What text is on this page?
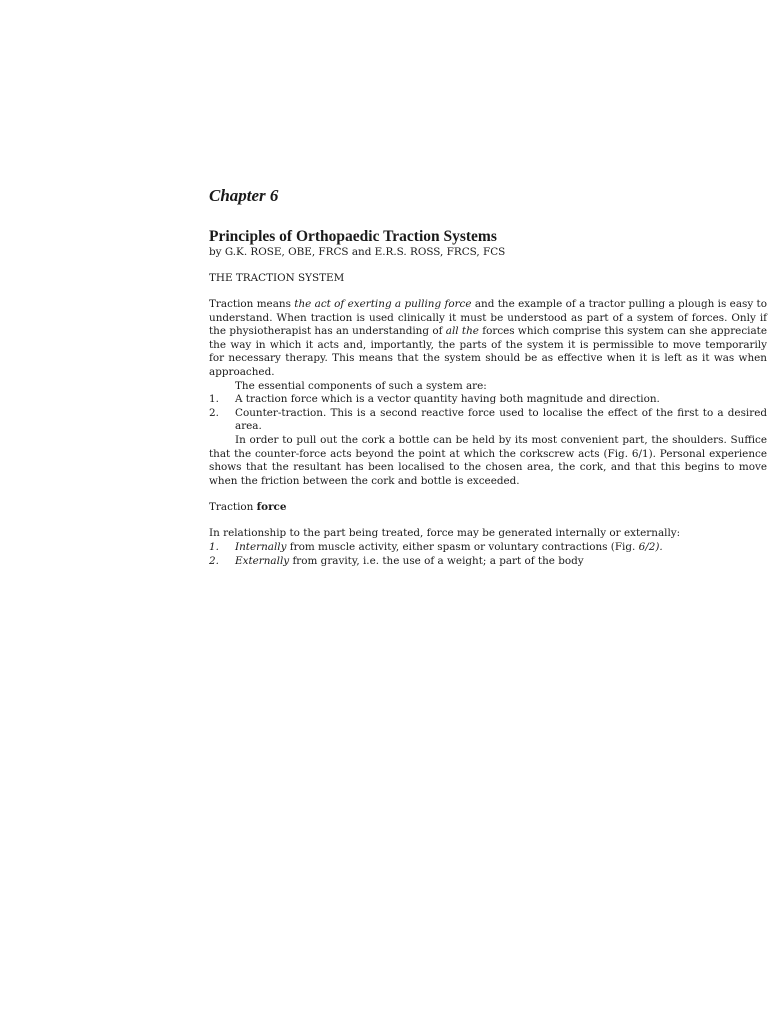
Chapter 6
Principles of Orthopaedic Traction Systems
by G.K. ROSE, OBE, FRCS and E.R.S. ROSS, FRCS, FCS
THE TRACTION SYSTEM

Traction means the act of exerting a pulling force and the example of a tractor pulling a plough is easy to understand. When traction is used clinically it must be understood as part of a system of forces. Only if the physiotherapist has an understanding of all the forces which comprise this system can she appreciate the way in which it acts and, importantly, the parts of the system it is permissible to move temporarily for necessary therapy. This means that the system should be as effective when it is left as it was when approached.

The essential components of such a system are:

1.	A traction force which is a vector quantity having both magnitude and direction.
2.	Counter-traction. This is a second reactive force used to localise the effect of the first to a desired area.

In order to pull out the cork a bottle can be held by its most convenient part, the shoulders. Suffice that the counter-force acts beyond the point at which the corkscrew acts (Fig. 6/1). Personal experience shows that the resultant has been localised to the chosen area, the cork, and that this begins to move when the friction between the cork and bottle is exceeded.

Traction force

In relationship to the part being treated, force may be generated internally or externally:

1.	Internally from muscle activity, either spasm or voluntary contractions (Fig. 6/2).
2.	Externally from gravity, i.e. the use of a weight; a part of the body
